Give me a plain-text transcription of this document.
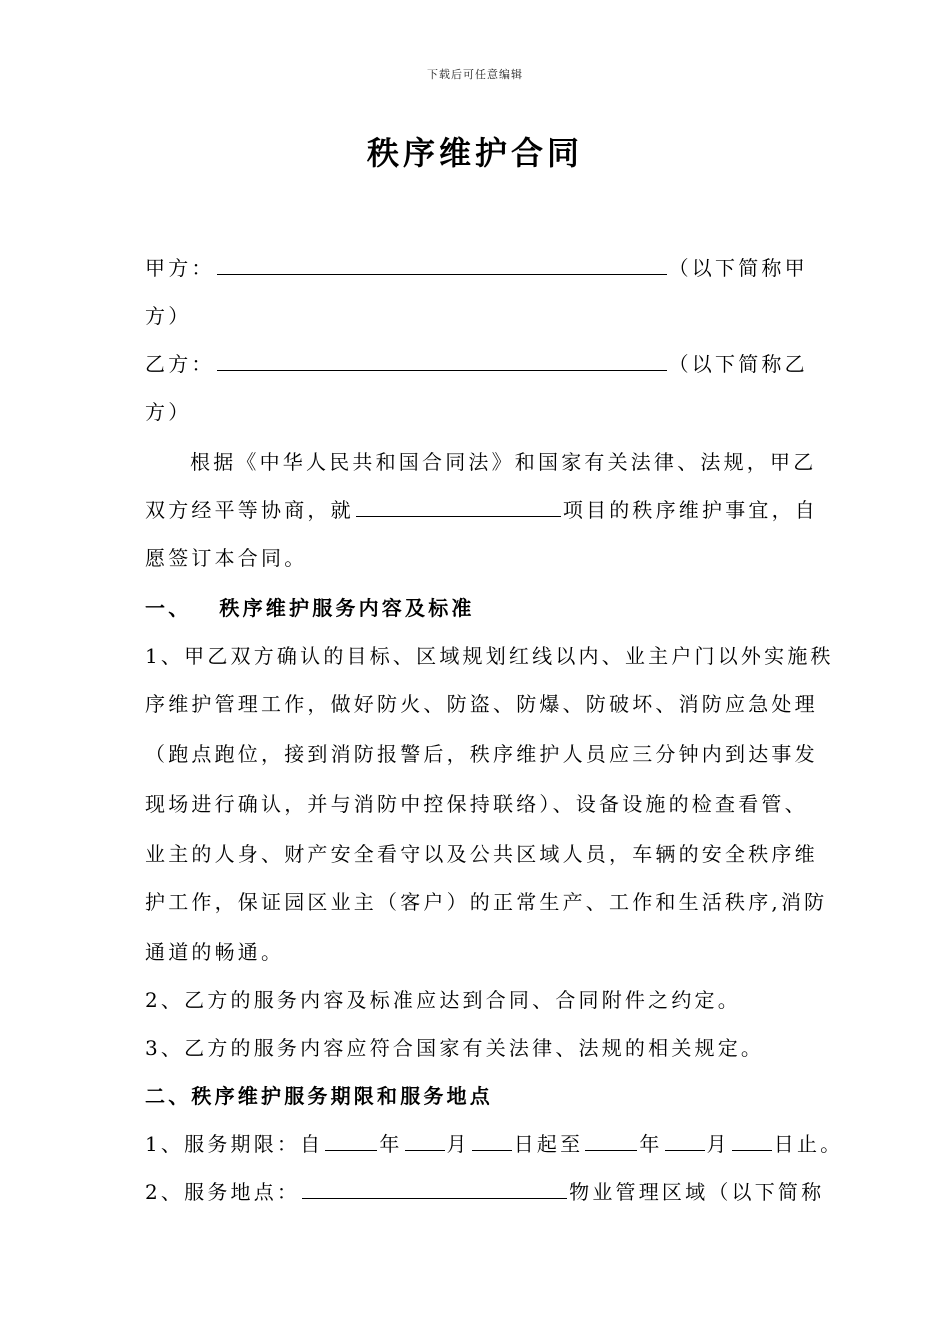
下载后可任意编辑
秩序维护合同
甲方：	（以下简称甲
方）
乙方：	（以下简称乙
方）
根据《中华人民共和国合同法》和国家有关法律、法规，甲乙
双方经平等协商，就	项目的秩序维护事宜，自
愿签订本合同。
一、 秩序维护服务内容及标准
1、甲乙双方确认的目标、区域规划红线以内、业主户门以外实施秩
序维护管理工作，做好防火、防盗、防爆、防破坏、消防应急处理
（跑点跑位，接到消防报警后，秩序维护人员应三分钟内到达事发
现场进行确认，并与消防中控保持联络）、设备设施的检查看管、
业主的人身、财产安全看守以及公共区域人员，车辆的安全秩序维
护工作，保证园区业主（客户）的正常生产、工作和生活秩序,消防
通道的畅通。
2、乙方的服务内容及标准应达到合同、合同附件之约定。
3、乙方的服务内容应符合国家有关法律、法规的相关规定。
二、秩序维护服务期限和服务地点
1、服务期限：自	年 月 日起至	年 月 日止。
2、服务地点：	物业管理区域（以下简称
